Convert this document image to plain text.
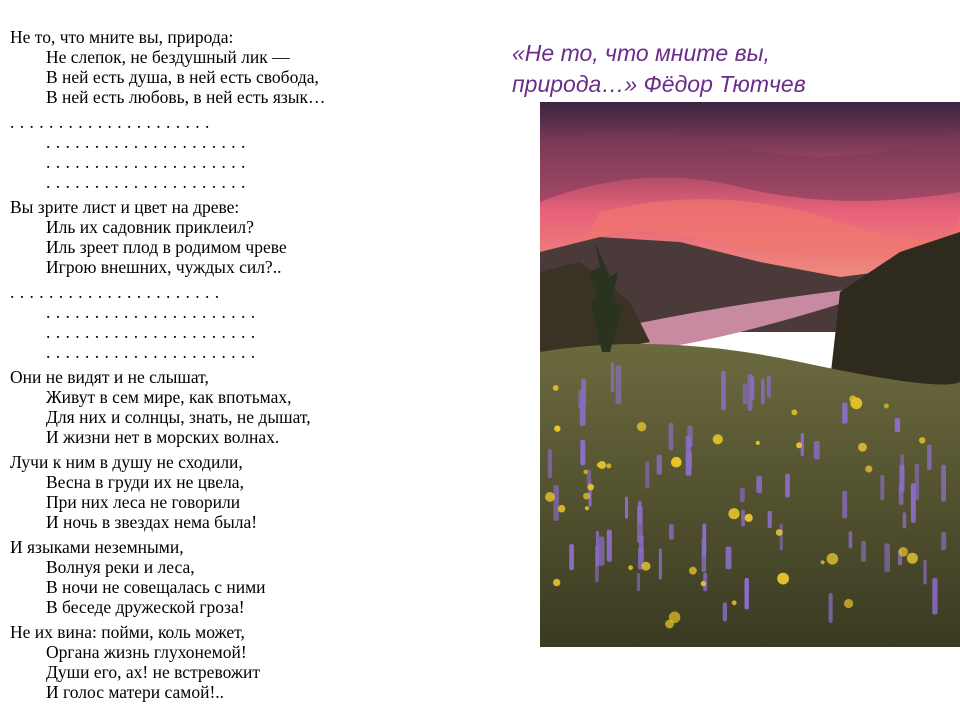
Не то, что мните вы, природа:
Не слепок, не бездушный лик —
В ней есть душа, в ней есть свобода,
В ней есть любовь, в ней есть язык…
. . . . . . . . . . . . . . . . . . . . .
. . . . . . . . . . . . . . . . . . . . .
. . . . . . . . . . . . . . . . . . . . .
. . . . . . . . . . . . . . . . . . . . .
Вы зрите лист и цвет на древе:
Иль их садовник приклеил?
Иль зреет плод в родимом чреве
Игрою внешних, чуждых сил?..
. . . . . . . . . . . . . . . . . . . . . .
. . . . . . . . . . . . . . . . . . . . . .
. . . . . . . . . . . . . . . . . . . . . .
. . . . . . . . . . . . . . . . . . . . . .
Они не видят и не слышат,
Живут в сем мире, как впотьмах,
Для них и солнцы, знать, не дышат,
И жизни нет в морских волнах.
Лучи к ним в душу не сходили,
Весна в груди их не цвела,
При них леса не говорили
И ночь в звездах нема была!
И языками неземными,
Волнуя реки и леса,
В ночи не совещалась с ними
В беседе дружеской гроза!
Не их вина: пойми, коль может,
Органа жизнь глухонемой!
Души его, ах! не встревожит
И голос матери самой!..
«Не то, что мните вы,
природа…» Фёдор Тютчев
